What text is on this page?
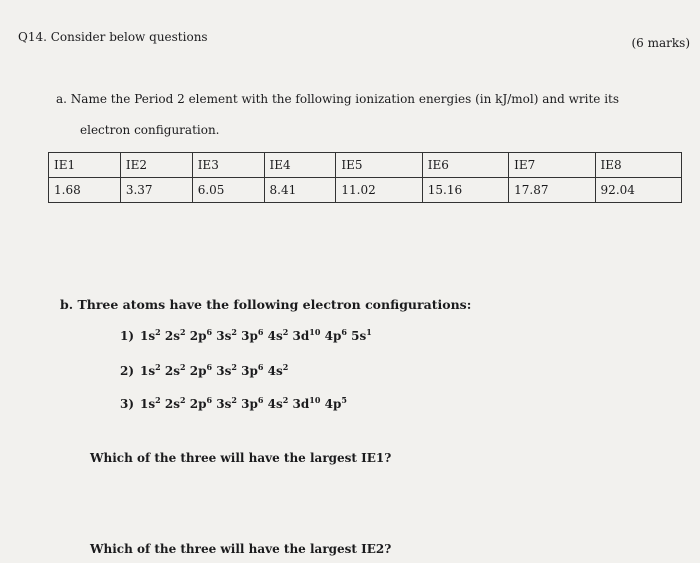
Q14. Consider below questions	(6 marks)
a. Name the Period 2 element with the following ionization energies (in kJ/mol) and write its
electron configuration.
IE1	IE2	IE3	IE4	IE5	IE6	IE7	IE8
1.68	3.37	6.05	8.41	11.02	15.16	17.87	92.04
b. Three atoms have the following electron configurations:
1) $1s^2$ $2s^2$ $2p^6$ $3s^2$ $3p^6$ $4s^2$ $3d^{10}$ $4p^6$ $5s^1$
2) $1s^2$ $2s^2$ $2p^6$ $3s^2$ $3p^6$ $4s^2$
3) $1s^2$ $2s^2$ $2p^6$ $3s^2$ $3p^6$ $4s^2$ $3d^{10}$ $4p^5$
Which of the three will have the largest IE1?
Which of the three will have the largest IE2?
